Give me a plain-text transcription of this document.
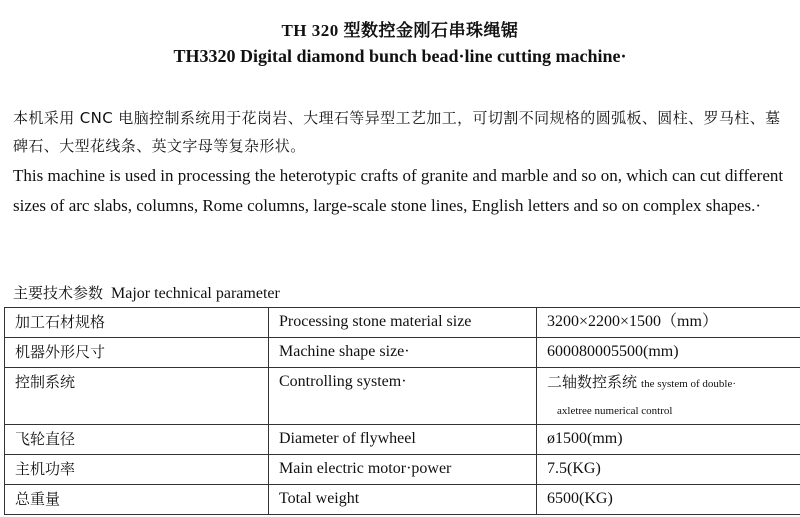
TH 320 型数控金刚石串珠绳锯
TH3320 Digital diamond bunch bead·line cutting machine·
本机采用 CNC 电脑控制系统用于花岗岩、大理石等异型工艺加工，可切割不同规格的圆弧板、圆柱、罗马柱、墓碑石、大型花线条、英文字母等复杂形状。
This machine is used in processing the heterotypic crafts of granite and marble and so on, which can cut different sizes of arc slabs, columns, Rome columns, large-scale stone lines, English letters and so on complex shapes.·
主要技术参数 Major technical parameter
加工石材规格	Processing stone material size	3200×2200×1500（mm）
机器外形尺寸	Machine shape size·	600080005500(mm)
控制系统	Controlling system·	二轴数控系统 the system of double·
axletree numerical control

飞轮直径	Diameter of flywheel	ø1500(mm)
主机功率	Main electric motor·power	7.5(KG)
总重量	Total weight	6500(KG)
